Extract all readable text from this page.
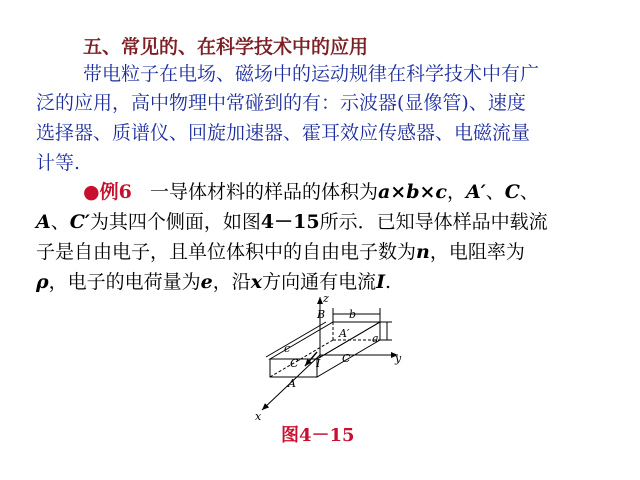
五、常见的、在科学技术中的应用
带电粒子在电场、磁场中的运动规律在科学技术中有广
泛的应用，高中物理中常碰到的有：示波器(显像管)、速度
选择器、质谱仪、回旋加速器、霍耳效应传感器、电磁流量
计等.
●例6 一导体材料的样品的体积为a×b×c，A′、C、
A、C′为其四个侧面，如图4－15所示．已知导体样品中载流
子是自由电子，且单位体积中的自由电子数为n，电阻率为
ρ，电子的电荷量为e，沿x方向通有电流I.
z
y
x
B b
A′ a
c
C′ I C
A
图4－15
